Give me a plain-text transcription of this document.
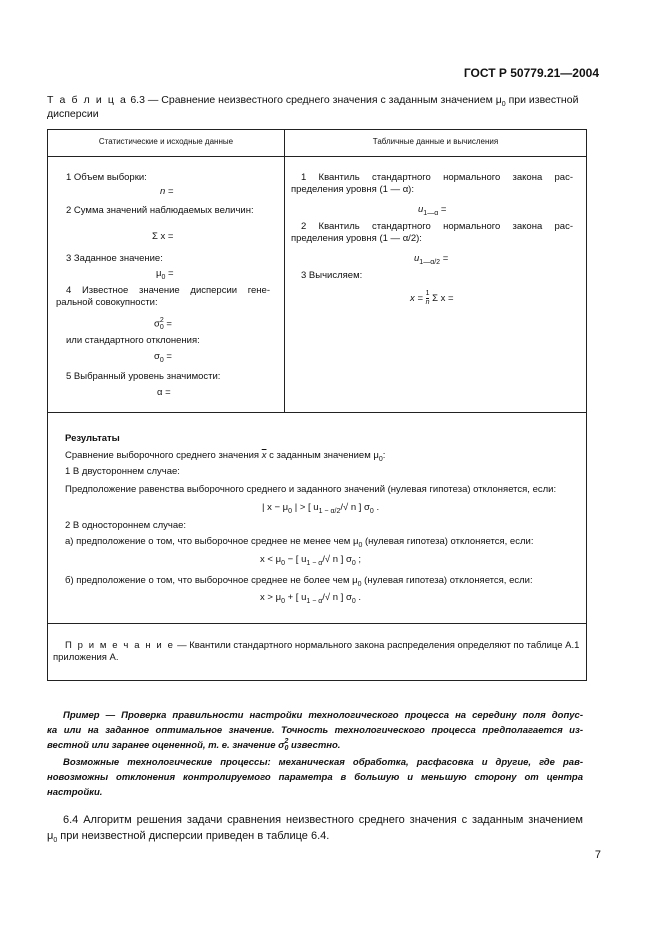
ГОСТ Р 50779.21—2004
Т а б л и ц а 6.3 — Сравнение неизвестного среднего значения с заданным значением $\mu_0$ при известной
дисперсии
Статистические и исходные данные	Табличные данные и вычисления
1 Объем выборки:
n =
2 Сумма значений наблюдаемых величин:
Σ x =
3 Заданное значение:
$\mu_0$ =
4 Известное значение дисперсии гене-
ральной совокупности:
σ2
0 =
или стандартного отклонения:
$\sigma_0$ =
5 Выбранный уровень значимости:
α =
1 Квантиль стандартного нормального закона рас-
пределения уровня (1 — α):
$u_{1—\alpha}$ =
2 Квантиль стандартного нормального закона рас-
пределения уровня (1 — α/2):
$u_{1—\alpha/2}$ =
3 Вычисляем:
$x = \frac{1}{n}$ Σ x =
Результаты
Сравнение выборочного среднего значения $\overline{x}$ с заданным значением $\mu_0$:
1 В двустороннем случае:
Предположение равенства выборочного среднего и заданного значений (нулевая гипотеза) отклоняется, если:
| $x - \mu_0$ | > [ $u_{1 - \alpha/2}/√$ n ] $\sigma_0$ .
2 В одностороннем случае:
а) предположение о том, что выборочное среднее не менее чем $\mu_0$ (нулевая гипотеза) отклоняется, если:
$x < \mu_0$ − [ $u_{1 - \alpha}/√$ n ] $\sigma_0$ ;
б) предположение о том, что выборочное среднее не более чем $\mu_0$ (нулевая гипотеза) отклоняется, если:
$x > \mu_0$ + [ $u_{1 - \alpha}/√$ n ] $\sigma_0$ .
П р и м е ч а н и е — Квантили стандартного нормального закона распределения определяют по таблице А.1
приложения А.
Пример — Проверка правильности настройки технологического процесса на середину поля допус-
ка или на заданное оптимальное значение. Точность технологического процесса предполагается из-
вестной или заранее оцененной, т. е. значение σ2
0 известно.
Возможные технологические процессы: механическая обработка, расфасовка и другие, где рав-
новозможны отклонения контролируемого параметра в большую и меньшую сторону от центра
настройки.
6.4 Алгоритм решения задачи сравнения неизвестного среднего значения с заданным значением
$\mu_0$ при неизвестной дисперсии приведен в таблице 6.4.
7
